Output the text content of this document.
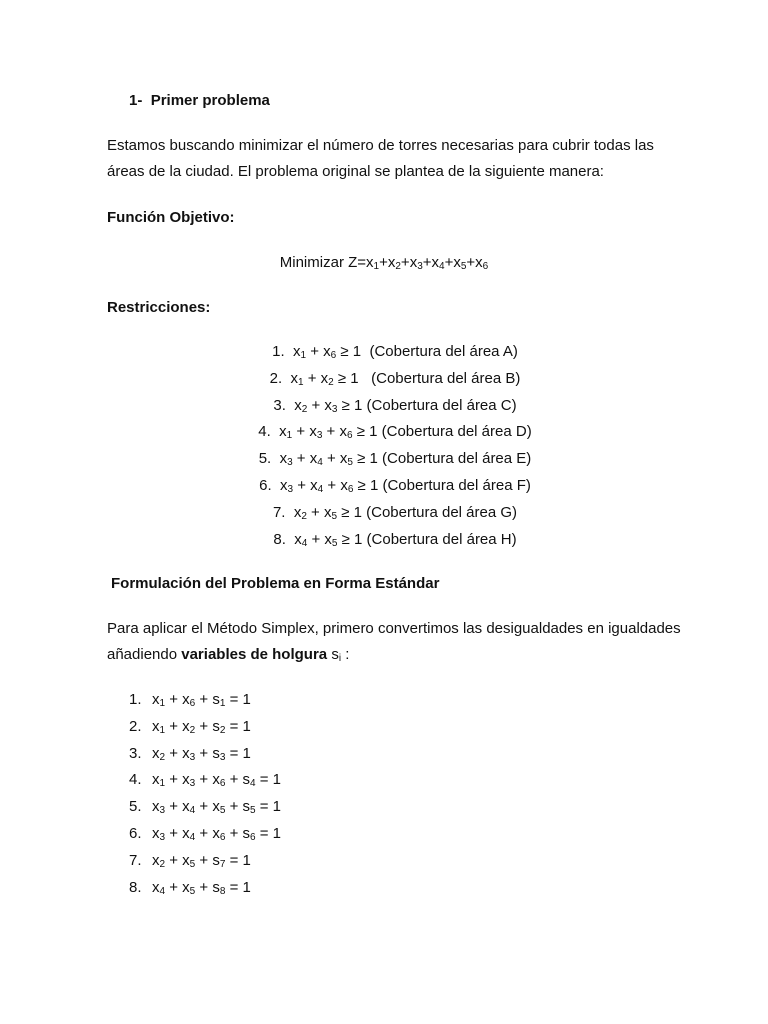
1- Primer problema
Estamos buscando minimizar el número de torres necesarias para cubrir todas las áreas de la ciudad. El problema original se plantea de la siguiente manera:
Función Objetivo:
Minimizar $Z=x_1+x_2+x_3+x_4+x_5+x_6$
Restricciones:
1.  $x_1 + x_6 \ge 1$  (Cobertura del área A)
2.  $x_1 + x_2 \ge 1$   (Cobertura del área B)
3.  $x_2 + x_3 \ge 1$ (Cobertura del área C)
4.  $x_1 + x_3 + x_6 \ge 1$ (Cobertura del área D)
5.  $x_3 + x_4 + x_5 \ge 1$ (Cobertura del área E)
6.  $x_3 + x_4 + x_6 \ge 1$ (Cobertura del área F)
7.  $x_2 + x_5 \ge 1$ (Cobertura del área G)
8.  $x_4 + x_5 \ge 1$ (Cobertura del área H)
Formulación del Problema en Forma Estándar
Para aplicar el Método Simplex, primero convertimos las desigualdades en igualdades añadiendo variables de holgura $s_i$ :
1. $x_1 + x_6 + s_1 = 1$
2. $x_1 + x_2 + s_2 = 1$
3. $x_2 + x_3 + s_3 = 1$
4. $x_1 + x_3 + x_6 + s_4 = 1$
5. $x_3 + x_4 + x_5 + s_5 = 1$
6. $x_3 + x_4 + x_6 + s_6 = 1$
7. $x_2 + x_5 + s_7 = 1$
8. $x_4 + x_5 + s_8 = 1$
